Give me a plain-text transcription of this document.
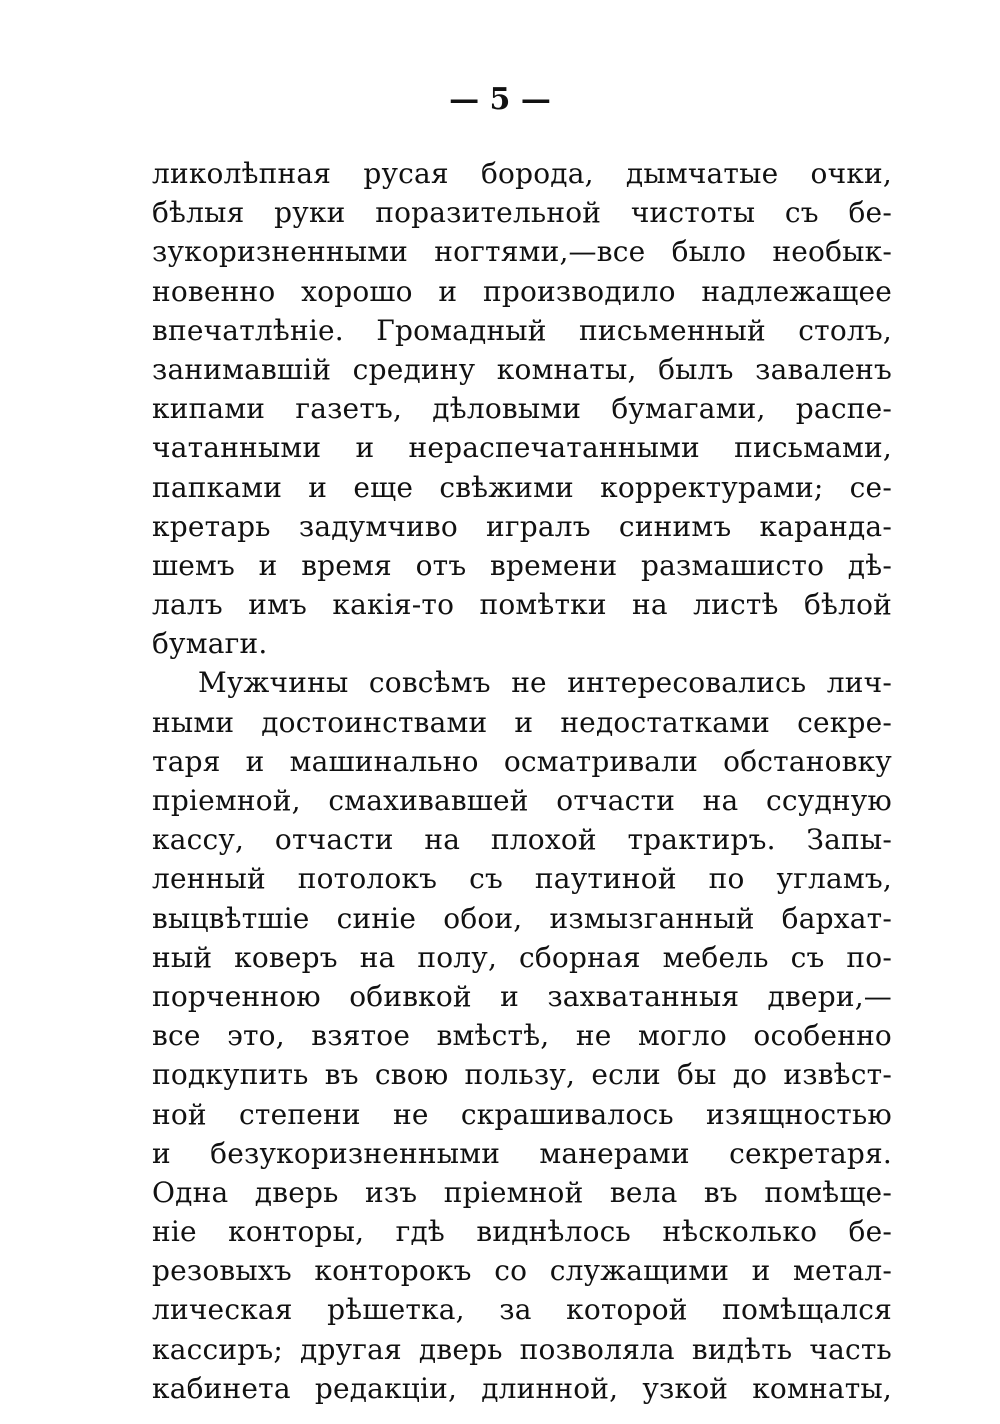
— 5 —
ликолѣпная русая борода, дымчатые очки,
бѣлыя руки поразительной чистоты съ бе-
зукоризненными ногтями,—все было необык-
новенно хорошо и производило надлежащее
впечатлѣніе. Громадный письменный столъ,
занимавшій средину комнаты, былъ заваленъ
кипами газетъ, дѣловыми бумагами, распе-
чатанными и нераспечатанными письмами,
папками и еще свѣжими корректурами; се-
кретарь задумчиво игралъ синимъ каранда-
шемъ и время отъ времени размашисто дѣ-
лалъ имъ какія-то помѣтки на листѣ бѣлой
бумаги.
Мужчины совсѣмъ не интересовались лич-
ными достоинствами и недостатками секре-
таря и машинально осматривали обстановку
пріемной, смахивавшей отчасти на ссудную
кассу, отчасти на плохой трактиръ. Запы-
ленный потолокъ съ паутиной по угламъ,
выцвѣтшіе синіе обои, измызганный бархат-
ный коверъ на полу, сборная мебель съ по-
порченною обивкой и захватанныя двери,—
все это, взятое вмѣстѣ, не могло особенно
подкупить въ свою пользу, если бы до извѣст-
ной степени не скрашивалось изящностью
и безукоризненными манерами секретаря.
Одна дверь изъ пріемной вела въ помѣще-
ніе конторы, гдѣ виднѣлось нѣсколько бе-
резовыхъ конторокъ со служащими и метал-
лическая рѣшетка, за которой помѣщался
кассиръ; другая дверь позволяла видѣть часть
кабинета редакціи, длинной, узкой комнаты,
